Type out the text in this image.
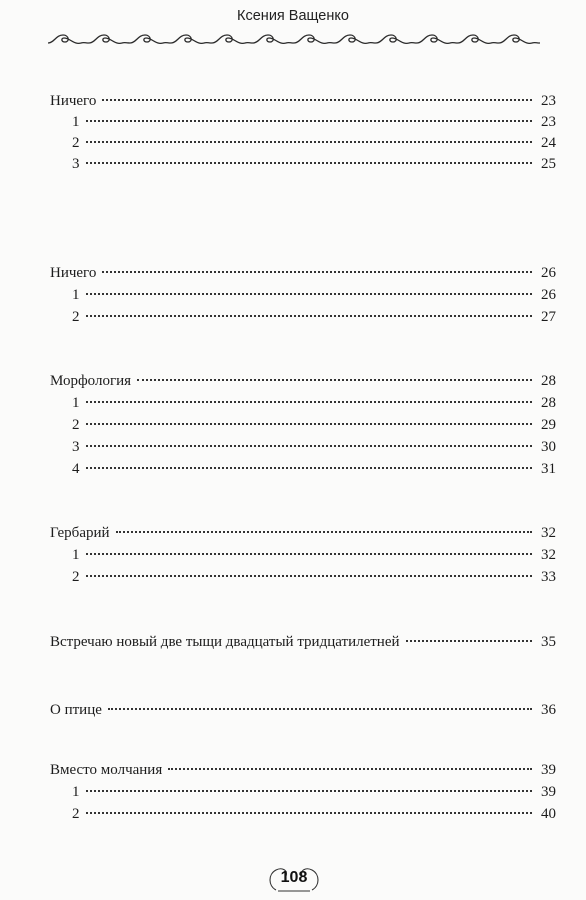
Ксения Ващенко
Ничего	23
1	23
2	24
3	25
Ничего	26
1	26
2	27
Морфология	28
1	28
2	29
3	30
4	31
Гербарий	32
1	32
2	33
Встречаю новый две тыщи двадцатый тридцатилетней	35
О птице	36
Вместо молчания	39
1	39
2	40
108
